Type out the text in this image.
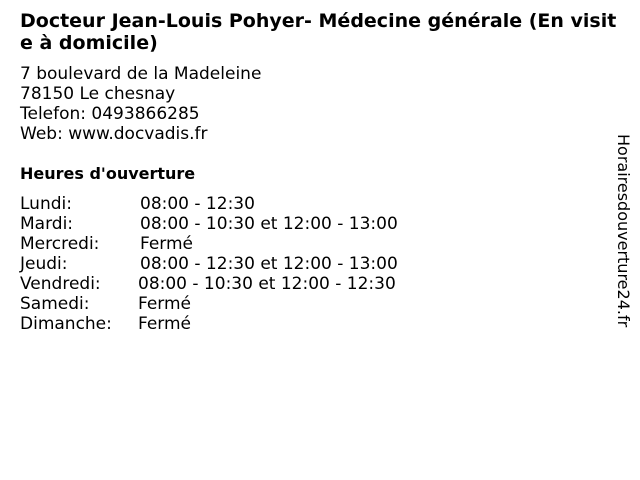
Docteur Jean-Louis Pohyer- Médecine générale (En visite à domicile)
7 boulevard de la Madeleine
78150 Le chesnay
Telefon: 0493866285
Web: www.docvadis.fr
Heures d'ouverture
Lundi:	08:00 - 12:30
Mardi:	08:00 - 10:30 et 12:00 - 13:00
Mercredi: Fermé
Jeudi:	08:00 - 12:30 et 12:00 - 13:00
Vendredi: 08:00 - 10:30 et 12:00 - 12:30
Samedi:	Fermé
Dimanche: Fermé	Horairesdouverture24.fr
